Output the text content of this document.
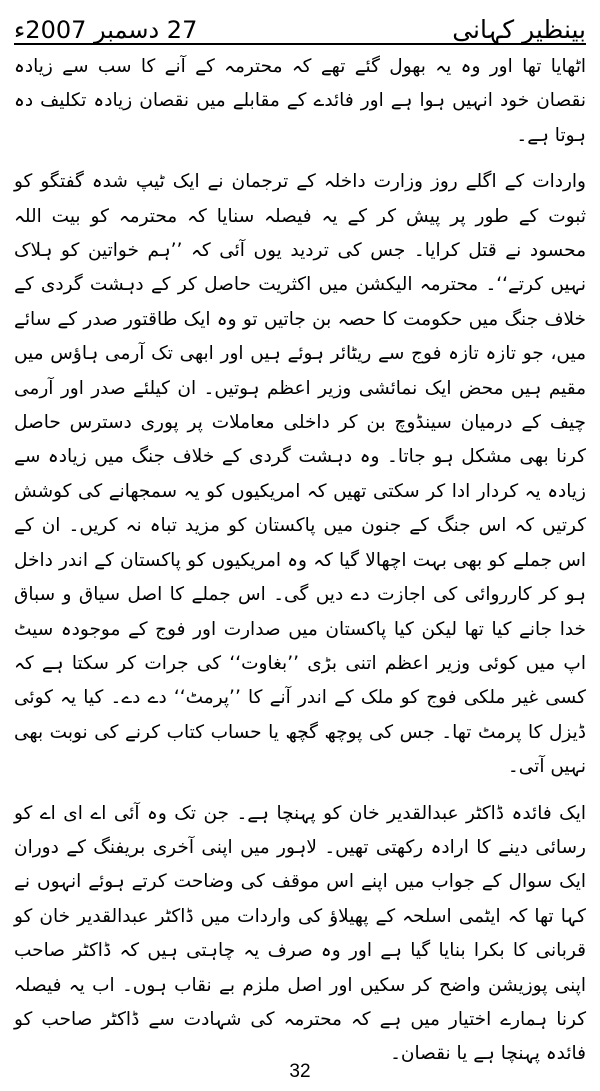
27 دسمبر 2007ء	بینظیر کہانی

اٹھایا تھا اور وہ یہ بھول گئے تھے کہ محترمہ کے آنے کا سب سے زیادہ نقصان خود انہیں ہوا ہے اور فائدے کے مقابلے میں نقصان زیادہ تکلیف دہ ہوتا ہے۔

واردات کے اگلے روز وزارت داخلہ کے ترجمان نے ایک ٹیپ شدہ گفتگو کو ثبوت کے طور پر پیش کر کے یہ فیصلہ سنایا کہ محترمہ کو بیت اللہ محسود نے قتل کرایا۔ جس کی تردید یوں آئی کہ ’’ہم خواتین کو ہلاک نہیں کرتے‘‘۔ محترمہ الیکشن میں اکثریت حاصل کر کے دہشت گردی کے خلاف جنگ میں حکومت کا حصہ بن جاتیں تو وہ ایک طاقتور صدر کے سائے میں، جو تازہ تازہ فوج سے ریٹائر ہوئے ہیں اور ابھی تک آرمی ہاؤس میں مقیم ہیں محض ایک نمائشی وزیر اعظم ہوتیں۔ ان کیلئے صدر اور آرمی چیف کے درمیان سینڈوچ بن کر داخلی معاملات پر پوری دسترس حاصل کرنا بھی مشکل ہو جاتا۔ وہ دہشت گردی کے خلاف جنگ میں زیادہ سے زیادہ یہ کردار ادا کر سکتی تھیں کہ امریکیوں کو یہ سمجھانے کی کوشش کرتیں کہ اس جنگ کے جنون میں پاکستان کو مزید تباہ نہ کریں۔ ان کے اس جملے کو بھی بہت اچھالا گیا کہ وہ امریکیوں کو پاکستان کے اندر داخل ہو کر کارروائی کی اجازت دے دیں گی۔ اس جملے کا اصل سیاق و سباق خدا جانے کیا تھا لیکن کیا پاکستان میں صدارت اور فوج کے موجودہ سیٹ اپ میں کوئی وزیر اعظم اتنی بڑی ’’بغاوت‘‘ کی جرات کر سکتا ہے کہ کسی غیر ملکی فوج کو ملک کے اندر آنے کا ’’پرمٹ‘‘ دے دے۔ کیا یہ کوئی ڈیزل کا پرمٹ تھا۔ جس کی پوچھ گچھ یا حساب کتاب کرنے کی نوبت بھی نہیں آتی۔

ایک فائدہ ڈاکٹر عبدالقدیر خان کو پہنچا ہے۔ جن تک وہ آئی اے ای اے کو رسائی دینے کا ارادہ رکھتی تھیں۔ لاہور میں اپنی آخری بریفنگ کے دوران ایک سوال کے جواب میں اپنے اس موقف کی وضاحت کرتے ہوئے انہوں نے کہا تھا کہ ایٹمی اسلحہ کے پھیلاؤ کی واردات میں ڈاکٹر عبدالقدیر خان کو قربانی کا بکرا بنایا گیا ہے اور وہ صرف یہ چاہتی ہیں کہ ڈاکٹر صاحب اپنی پوزیشن واضح کر سکیں اور اصل ملزم بے نقاب ہوں۔ اب یہ فیصلہ کرنا ہمارے اختیار میں ہے کہ محترمہ کی شہادت سے ڈاکٹر صاحب کو فائدہ پہنچا ہے یا نقصان۔

32
